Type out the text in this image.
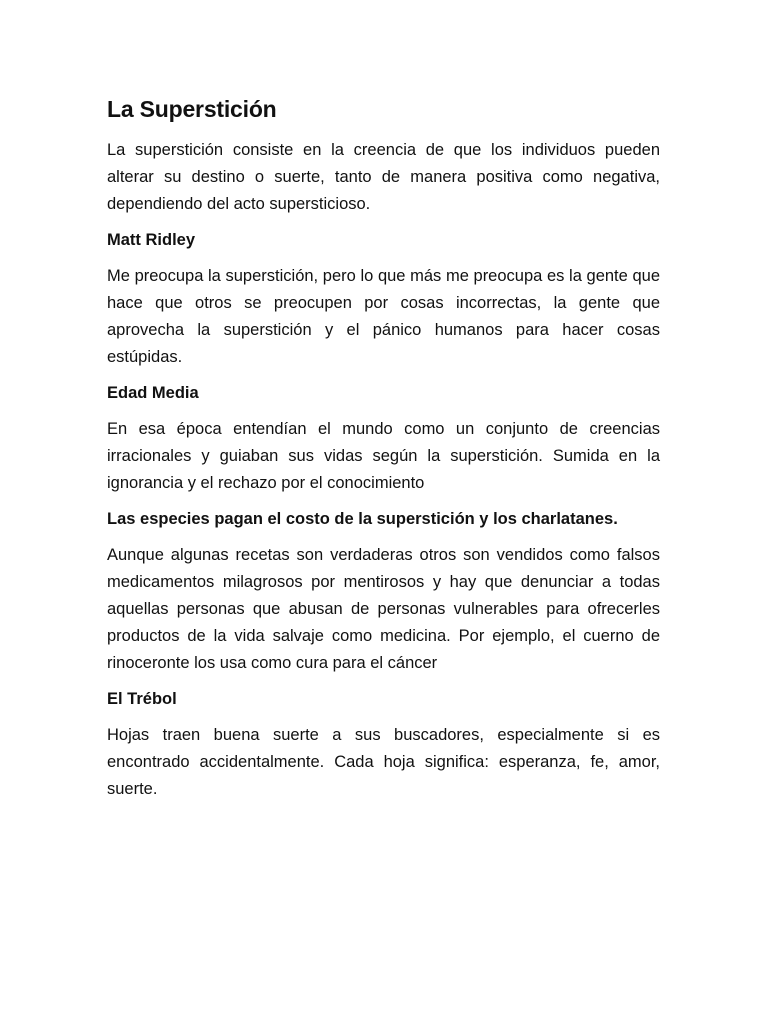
La Superstición

La superstición consiste en la creencia de que los individuos pueden alterar su destino o suerte, tanto de manera positiva como negativa, dependiendo del acto supersticioso.

Matt Ridley

Me preocupa la superstición, pero lo que más me preocupa es la gente que hace que otros se preocupen por cosas incorrectas, la gente que aprovecha la superstición y el pánico humanos para hacer cosas estúpidas.

Edad Media

En esa época entendían el mundo como un conjunto de creencias irracionales y guiaban sus vidas según la superstición. Sumida en la ignorancia y el rechazo por el conocimiento

Las especies pagan el costo de la superstición y los charlatanes.

Aunque algunas recetas son verdaderas otros son vendidos como falsos medicamentos milagrosos por mentirosos y hay que denunciar a todas aquellas personas que abusan de personas vulnerables para ofrecerles productos de la vida salvaje como medicina. Por ejemplo, el cuerno de rinoceronte los usa como cura para el cáncer

El Trébol

Hojas traen buena suerte a sus buscadores, especialmente si es encontrado accidentalmente. Cada hoja significa: esperanza, fe, amor, suerte.
